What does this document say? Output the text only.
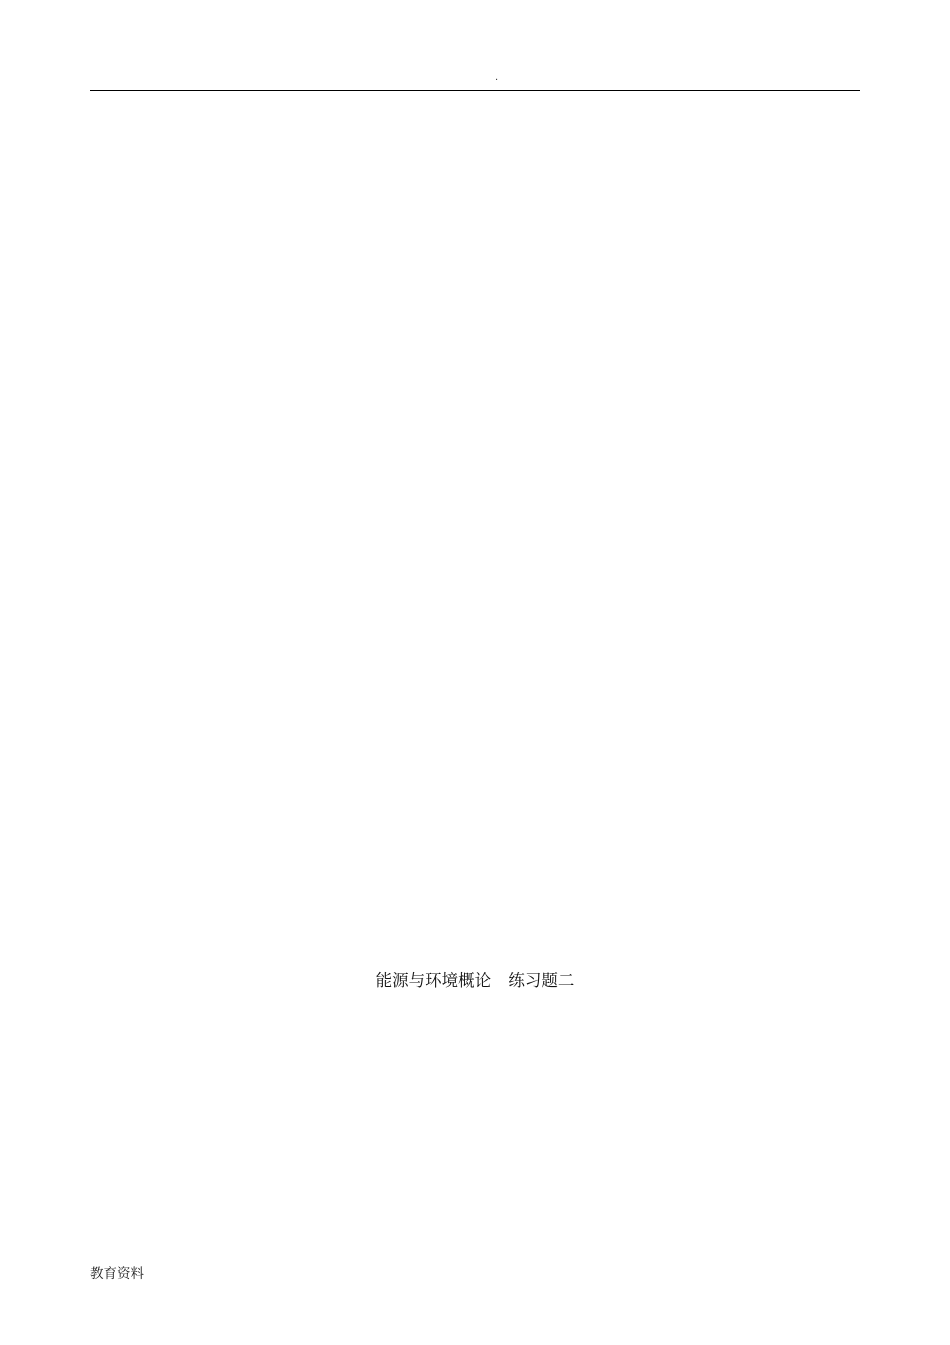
.
能源与环境概论 练习题二
教育资料
